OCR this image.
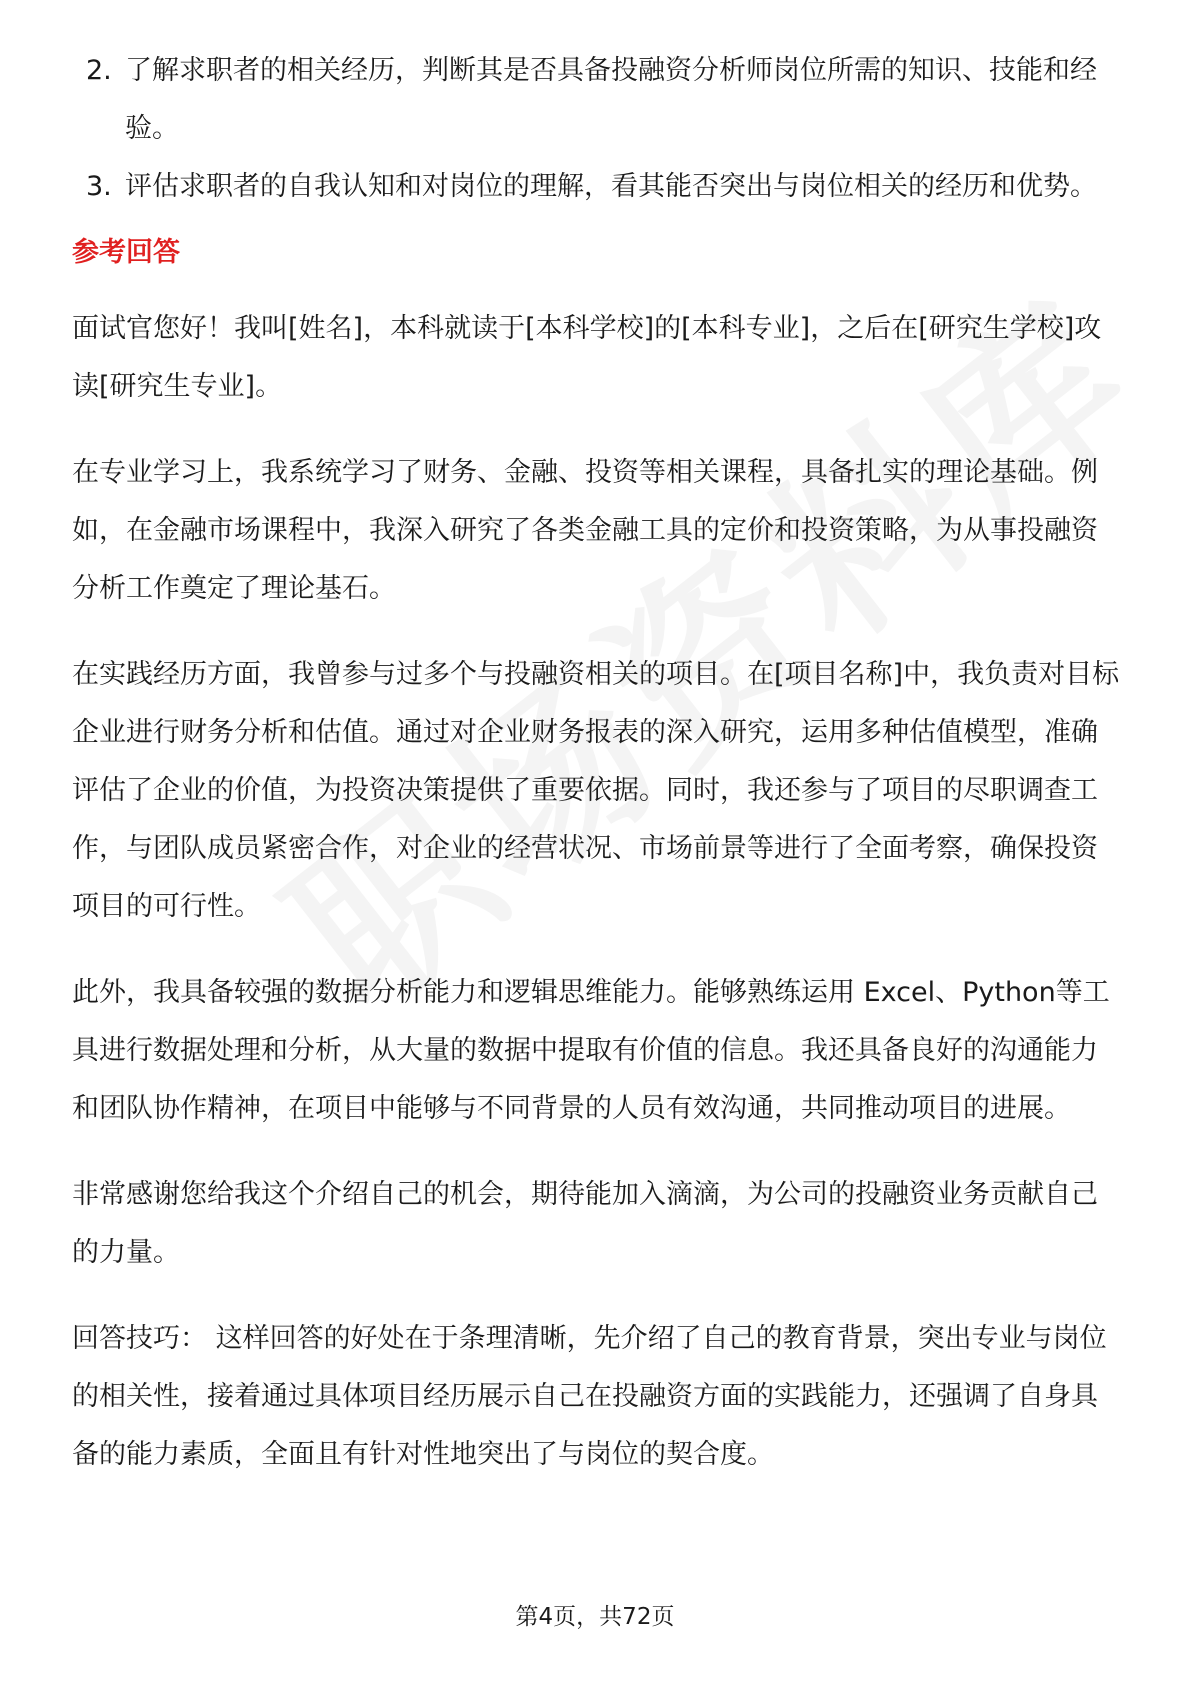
2. 了解求职者的相关经历，判断其是否具备投融资分析师岗位所需的知识、技能和经验。
3. 评估求职者的自我认知和对岗位的理解，看其能否突出与岗位相关的经历和优势。
参考回答

面试官您好！我叫[姓名]，本科就读于[本科学校]的[本科专业]，之后在[研究生学校]攻读[研究生专业]。

在专业学习上，我系统学习了财务、金融、投资等相关课程，具备扎实的理论基础。例如，在金融市场课程中，我深入研究了各类金融工具的定价和投资策略，为从事投融资分析工作奠定了理论基石。

在实践经历方面，我曾参与过多个与投融资相关的项目。在[项目名称]中，我负责对目标企业进行财务分析和估值。通过对企业财务报表的深入研究，运用多种估值模型，准确评估了企业的价值，为投资决策提供了重要依据。同时，我还参与了项目的尽职调查工作，与团队成员紧密合作，对企业的经营状况、市场前景等进行了全面考察，确保投资项目的可行性。

此外，我具备较强的数据分析能力和逻辑思维能力。能够熟练运用 Excel、Python等工具进行数据处理和分析，从大量的数据中提取有价值的信息。我还具备良好的沟通能力和团队协作精神，在项目中能够与不同背景的人员有效沟通，共同推动项目的进展。

非常感谢您给我这个介绍自己的机会，期待能加入滴滴，为公司的投融资业务贡献自己的力量。

回答技巧： 这样回答的好处在于条理清晰，先介绍了自己的教育背景，突出专业与岗位的相关性，接着通过具体项目经历展示自己在投融资方面的实践能力，还强调了自身具备的能力素质，全面且有针对性地突出了与岗位的契合度。

第4页，共72页
